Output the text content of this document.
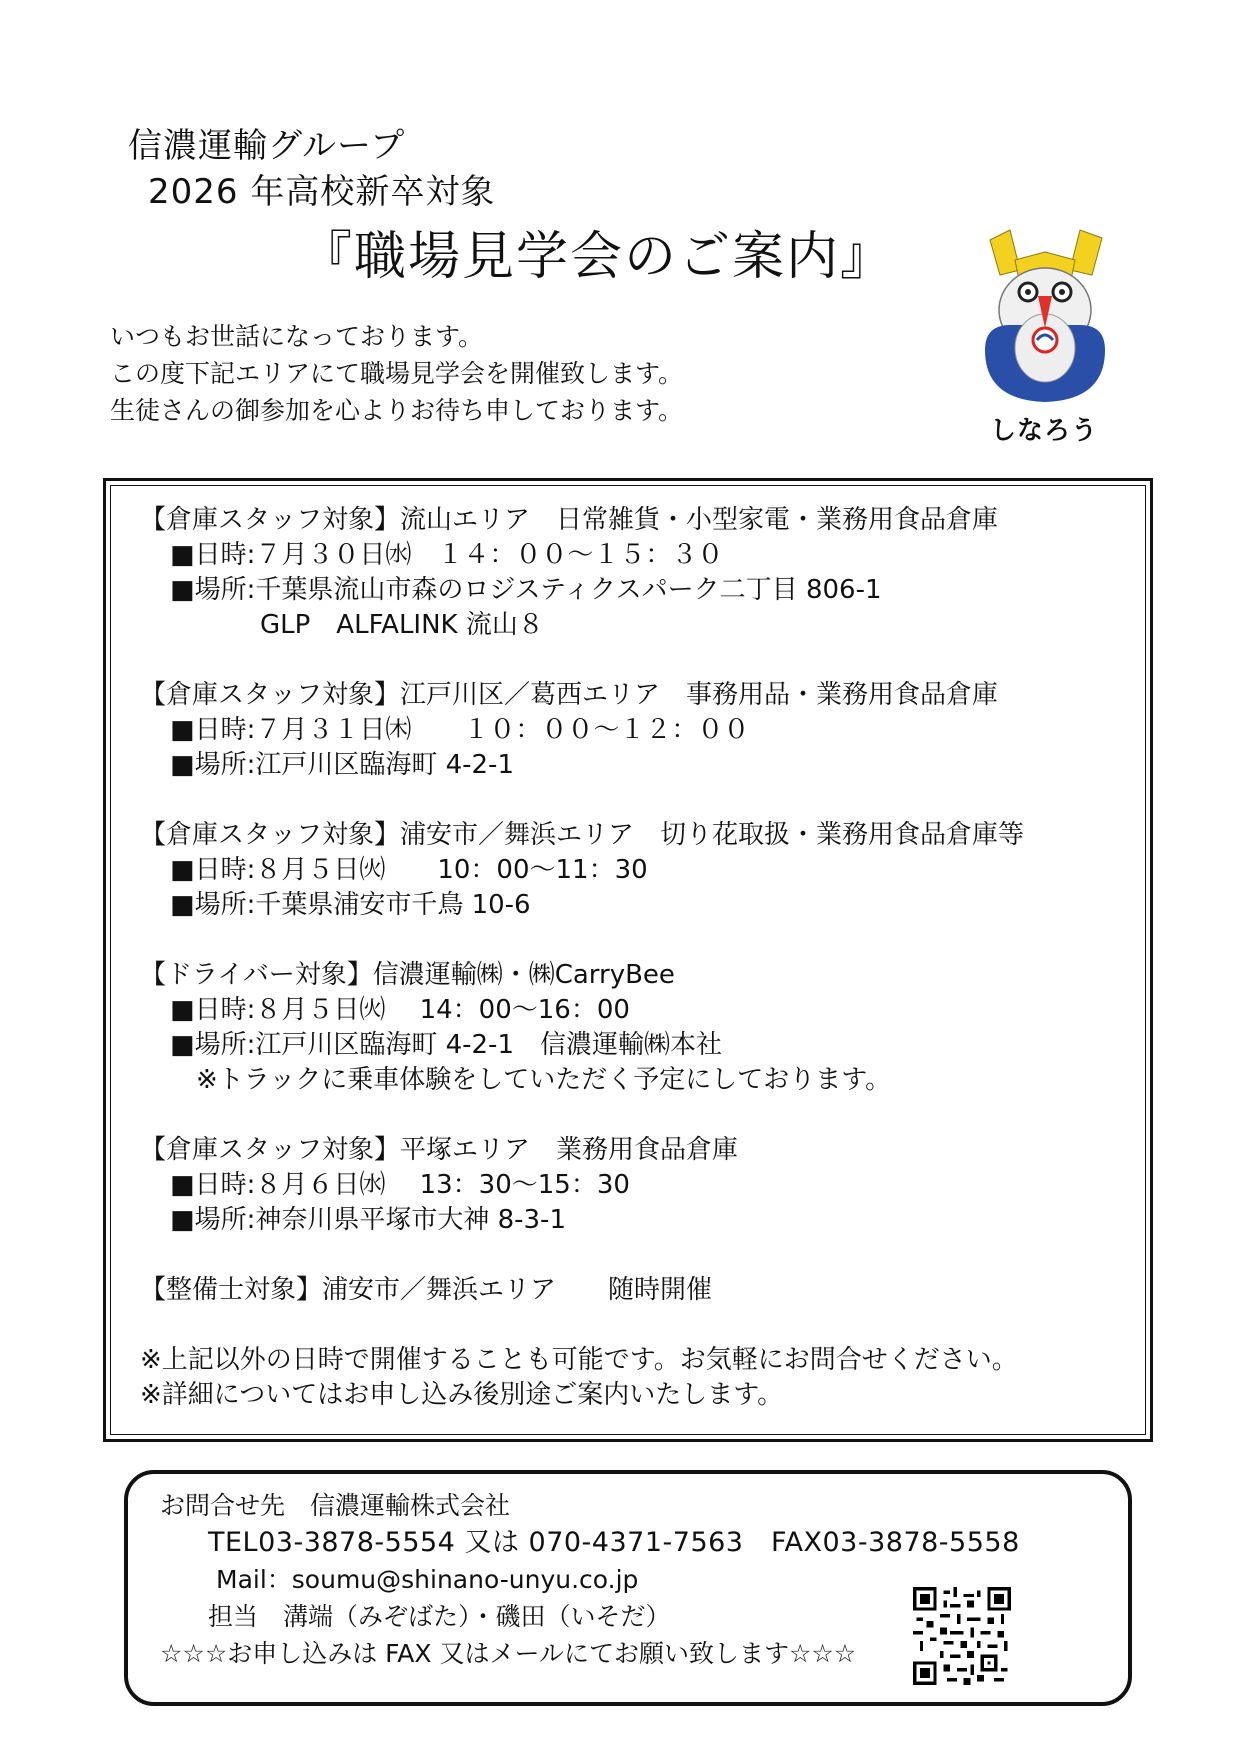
信濃運輸グループ
2026 年高校新卒対象
『職場見学会のご案内』
いつもお世話になっております。
この度下記エリアにて職場見学会を開催致します。
生徒さんの御参加を心よりお待ち申しております。
しなろう
【倉庫スタッフ対象】流山エリア　日常雑貨・小型家電・業務用食品倉庫
■日時:７月３０日㈬　１４：００～１５：３０
■場所:千葉県流山市森のロジスティクスパーク二丁目 806-1
GLP　ALFALINK 流山８
【倉庫スタッフ対象】江戸川区／葛西エリア　事務用品・業務用食品倉庫
■日時:７月３１日㈭　　１０：００～１２：００
■場所:江戸川区臨海町 4-2-1
【倉庫スタッフ対象】浦安市／舞浜エリア　切り花取扱・業務用食品倉庫等
■日時:８月５日㈫　　10：00～11：30
■場所:千葉県浦安市千鳥 10-6
【ドライバー対象】信濃運輸㈱・㈱CarryBee
■日時:８月５日㈫　 14：00～16：00
■場所:江戸川区臨海町 4-2-1　信濃運輸㈱本社
※トラックに乗車体験をしていただく予定にしております。
【倉庫スタッフ対象】平塚エリア　業務用食品倉庫
■日時:８月６日㈬　 13：30～15：30
■場所:神奈川県平塚市大神 8-3-1
【整備士対象】浦安市／舞浜エリア　　随時開催
※上記以外の日時で開催することも可能です。お気軽にお問合せください。
※詳細についてはお申し込み後別途ご案内いたします。
お問合せ先　信濃運輸株式会社
TEL03-3878-5554 又は 070-4371-7563　FAX03-3878-5558
Mail：soumu@shinano-unyu.co.jp
担当　溝端（みぞばた）・磯田（いそだ）
☆☆☆お申し込みは FAX 又はメールにてお願い致します☆☆☆
